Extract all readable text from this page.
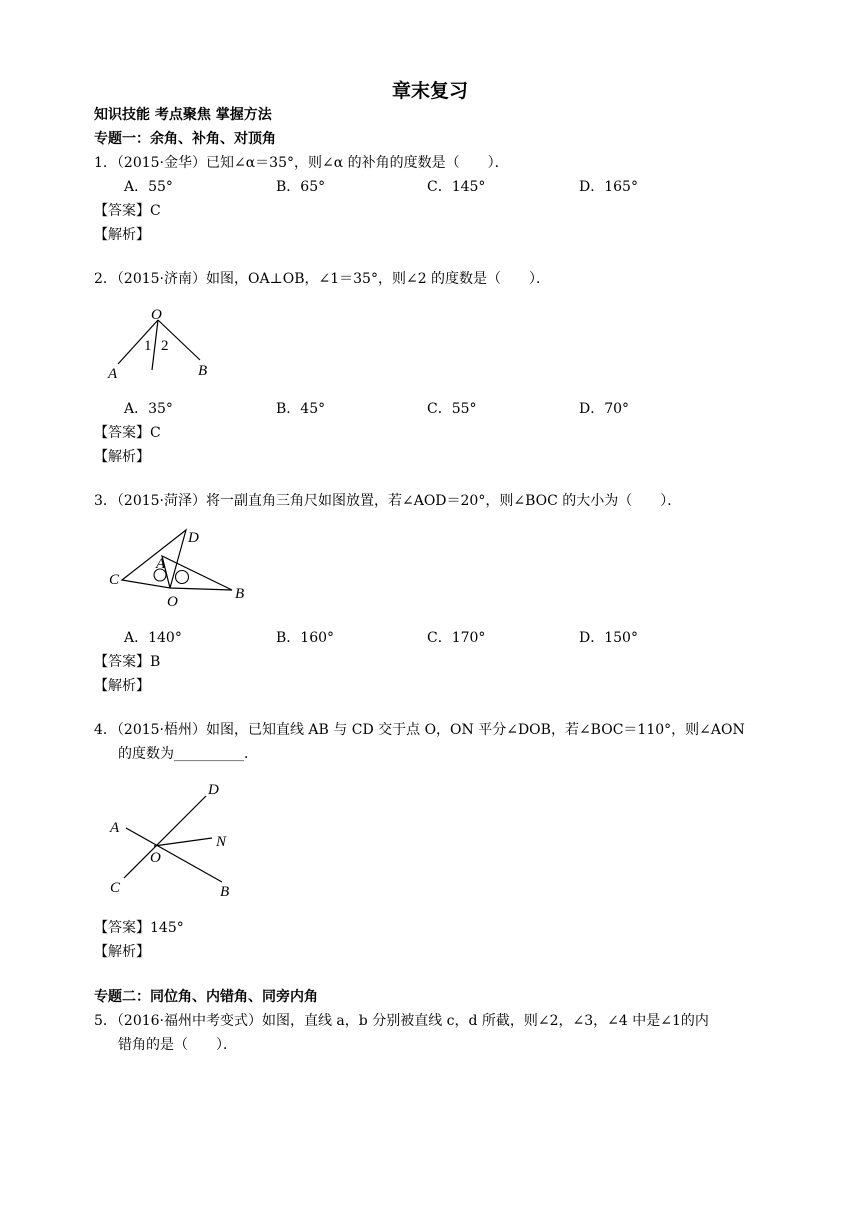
章末复习
知识技能 考点聚焦 掌握方法
专题一：余角、补角、对顶角
1．（2015·金华）已知∠α＝35°，则∠α 的补角的度数是（　　）．
A．55°	B．65°	C．145°	D．165°
【答案】C
【解析】
2．（2015·济南）如图，OA⊥OB，∠1＝35°，则∠2 的度数是（　　）．
O
A	B
1 2
A．35°	B．45°	C．55°	D．70°
【答案】C
【解析】
3．（2015·菏泽）将一副直角三角尺如图放置，若∠AOD＝20°，则∠BOC 的大小为（　　）．
D
A
C
O	B
A．140°	B．160°	C．170°	D．150°
【答案】B
【解析】
4．（2015·梧州）如图，已知直线 AB 与 CD 交于点 O，ON 平分∠DOB，若∠BOC＝110°，则∠AON
的度数为__________．
D
A
N
O
C	B
【答案】145°
【解析】
专题二：同位角、内错角、同旁内角
5．（2016·福州中考变式）如图，直线 a，b 分别被直线 c，d 所截，则∠2，∠3，∠4 中是∠1的内
错角的是（　　）．
